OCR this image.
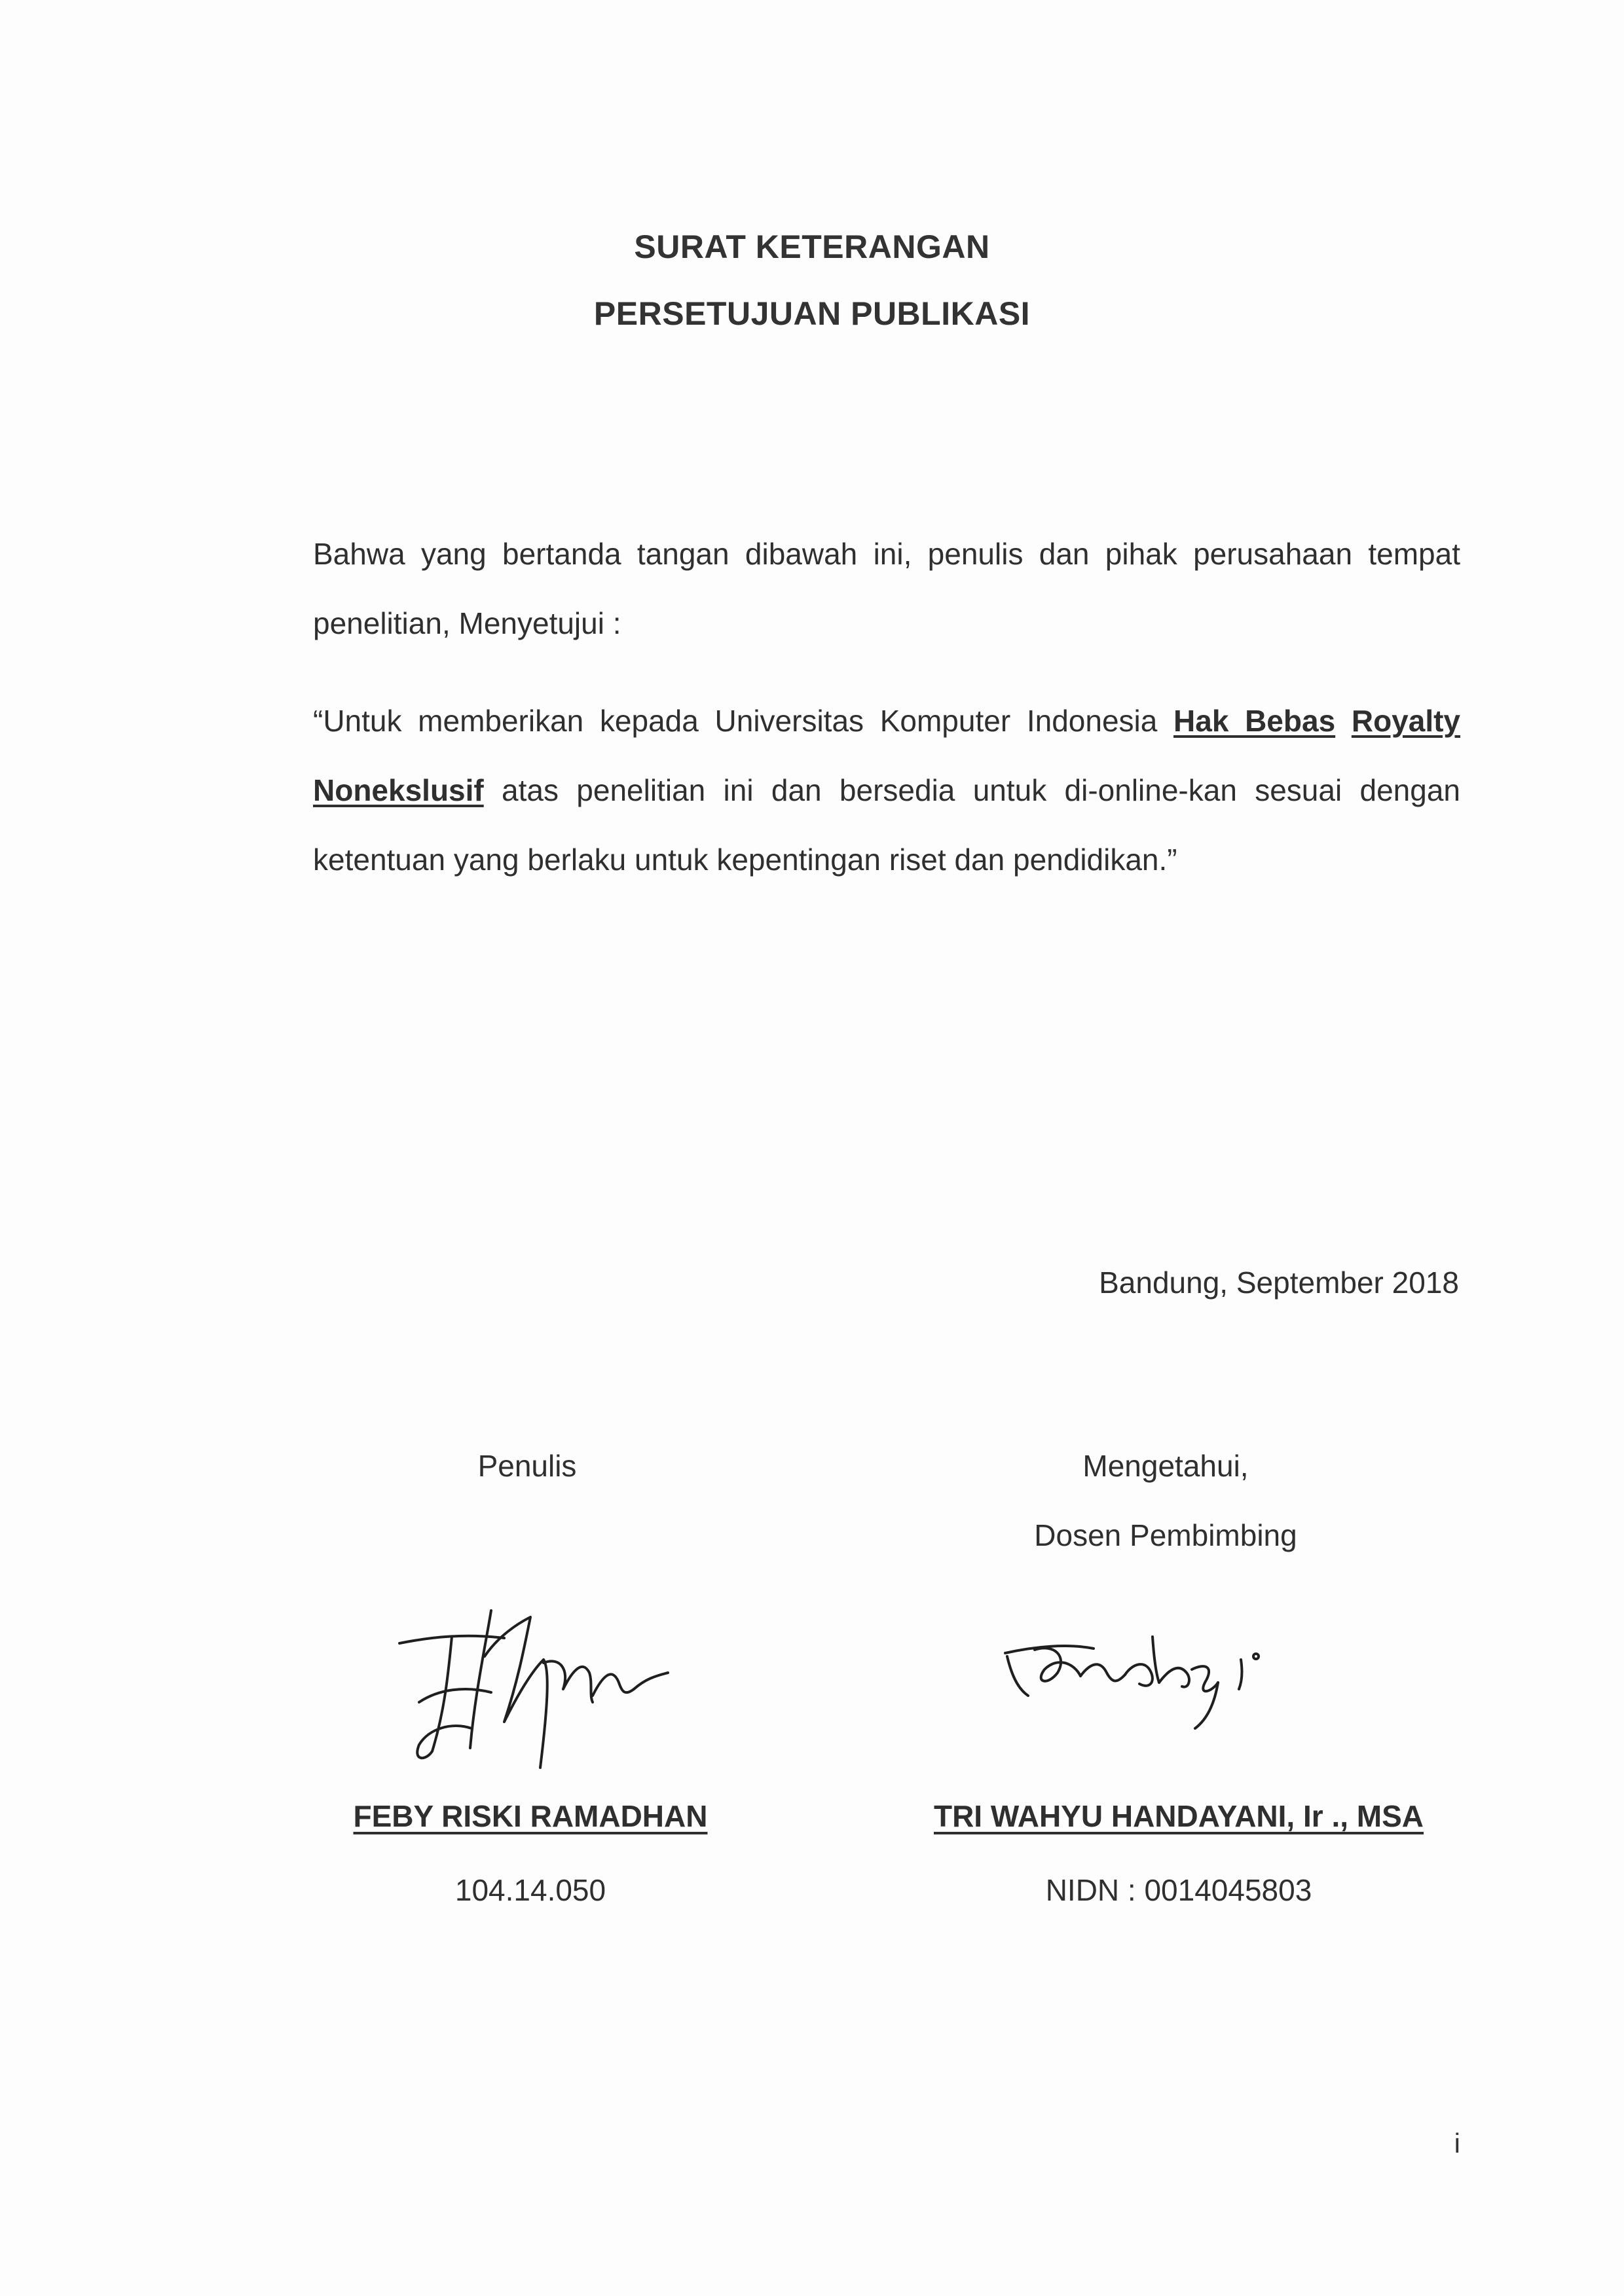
SURAT KETERANGAN
PERSETUJUAN PUBLIKASI
Bahwa yang bertanda tangan dibawah ini, penulis dan pihak perusahaan tempat penelitian, Menyetujui :
“Untuk memberikan kepada Universitas Komputer Indonesia Hak Bebas Royalty Noneksl​usif atas penelitian ini dan bersedia untuk di-online-kan sesuai dengan ketentuan yang berlaku untuk kepentingan riset dan pendidikan.”
Bandung, September 2018
Penulis	Mengetahui,
Dosen Pembimbing
FEBY RISKI RAMADHAN	TRI WAHYU HANDAYANI, Ir ., MSA
104.14.050	NIDN : 0014045803
i
